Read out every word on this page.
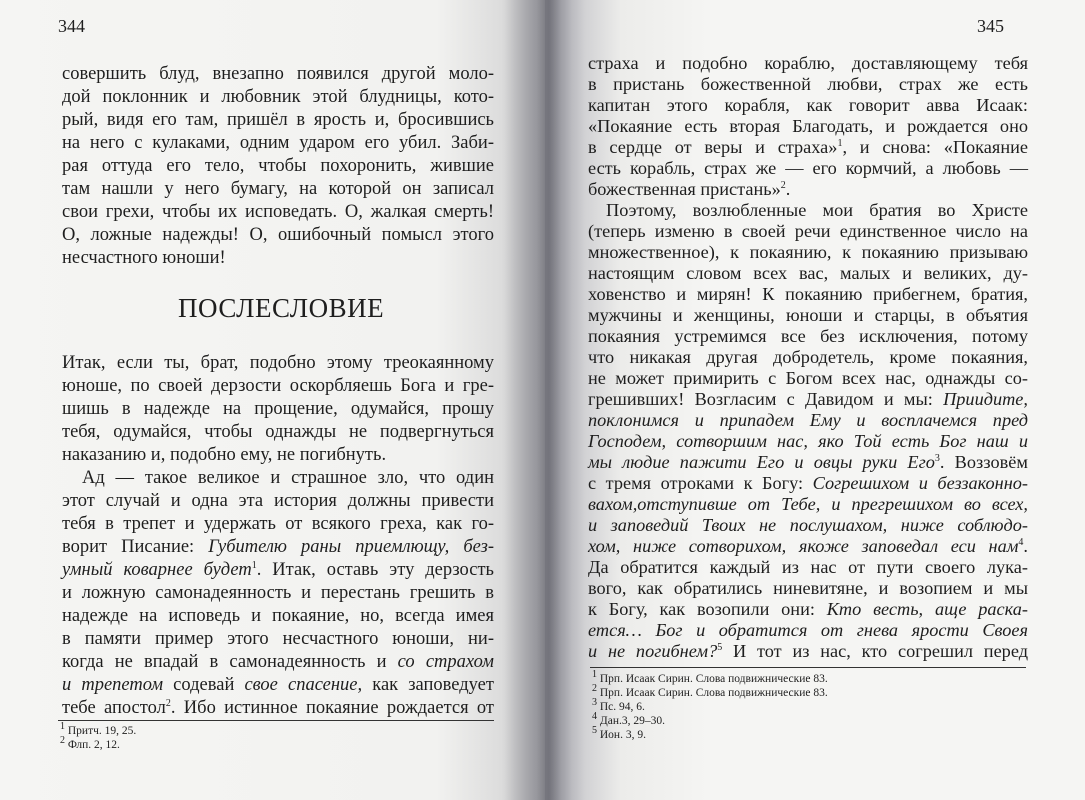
344
совершить блуд, внезапно появился другой моло-
дой поклонник и любовник этой блудницы, кото-
рый, видя его там, пришёл в ярость и, бросившись
на него с кулаками, одним ударом его убил. Заби-
рая оттуда его тело, чтобы похоронить, жившие
там нашли у него бумагу, на которой он записал
свои грехи, чтобы их исповедать. О, жалкая смерть!
О, ложные надежды! О, ошибочный помысл этого
несчастного юноши!
ПОСЛЕСЛОВИЕ
Итак, если ты, брат, подобно этому треокаянному
юноше, по своей дерзости оскорбляешь Бога и гре-
шишь в надежде на прощение, одумайся, прошу
тебя, одумайся, чтобы однажды не подвергнуться
наказанию и, подобно ему, не погибнуть.
Ад — такое великое и страшное зло, что один
этот случай и одна эта история должны привести
тебя в трепет и удержать от всякого греха, как го-
ворит Писание: Губителю раны приемлющу, без-
умный коварнее будет$^1$. Итак, оставь эту дерзость
и ложную самонадеянность и перестань грешить в
надежде на исповедь и покаяние, но, всегда имея
в памяти пример этого несчастного юноши, ни-
когда не впадай в самонадеянность и со страхом
и трепетом содевай свое спасение, как заповедует
тебе апостол$^2$. Ибо истинное покаяние рождается от
$^1$ Притч. 19, 25.
$^2$ Флп. 2, 12.
345
страха и подобно кораблю, доставляющему тебя
в пристань божественной любви, страх же есть
капитан этого корабля, как говорит авва Исаак:
«Покаяние есть вторая Благодать, и рождается оно
в сердце от веры и страха»$^1$, и снова: «Покаяние
есть корабль, страх же — его кормчий, а любовь —
божественная пристань»$^2$.
Поэтому, возлюбленные мои братия во Христе
(теперь изменю в своей речи единственное число на
множественное), к покаянию, к покаянию призываю
настоящим словом всех вас, малых и великих, ду-
ховенство и мирян! К покаянию прибегнем, братия,
мужчины и женщины, юноши и старцы, в объятия
покаяния устремимся все без исключения, потому
что никакая другая добродетель, кроме покаяния,
не может примирить с Богом всех нас, однажды со-
грешивших! Возгласим с Давидом и мы: Приидите,
поклонимся и припадем Ему и восплачемся пред
Господем, сотворшим нас, яко Той есть Бог наш и
мы людие пажити Его и овцы руки Его$^3$. Воззовём
с тремя отроками к Богу: Согрешихом и беззаконно-
вахом,отступивше от Тебе, и прегрешихом во всех,
и заповедий Твоих не послушахом, ниже соблюдо-
хом, ниже сотворихом, якоже заповедал еси нам$^4$.
Да обратится каждый из нас от пути своего лука-
вого, как обратились ниневитяне, и возопием и мы
к Богу, как возопили они: Кто весть, аще раска-
ется… Бог и обратится от гнева ярости Своея
и не погибнем?$^5$ И тот из нас, кто согрешил перед
$^1$ Прп. Исаак Сирин. Слова подвижнические 83.
$^2$ Прп. Исаак Сирин. Слова подвижнические 83.
$^3$ Пс. 94, 6.
$^4$ Дан.3, 29–30.
$^5$ Ион. 3, 9.
